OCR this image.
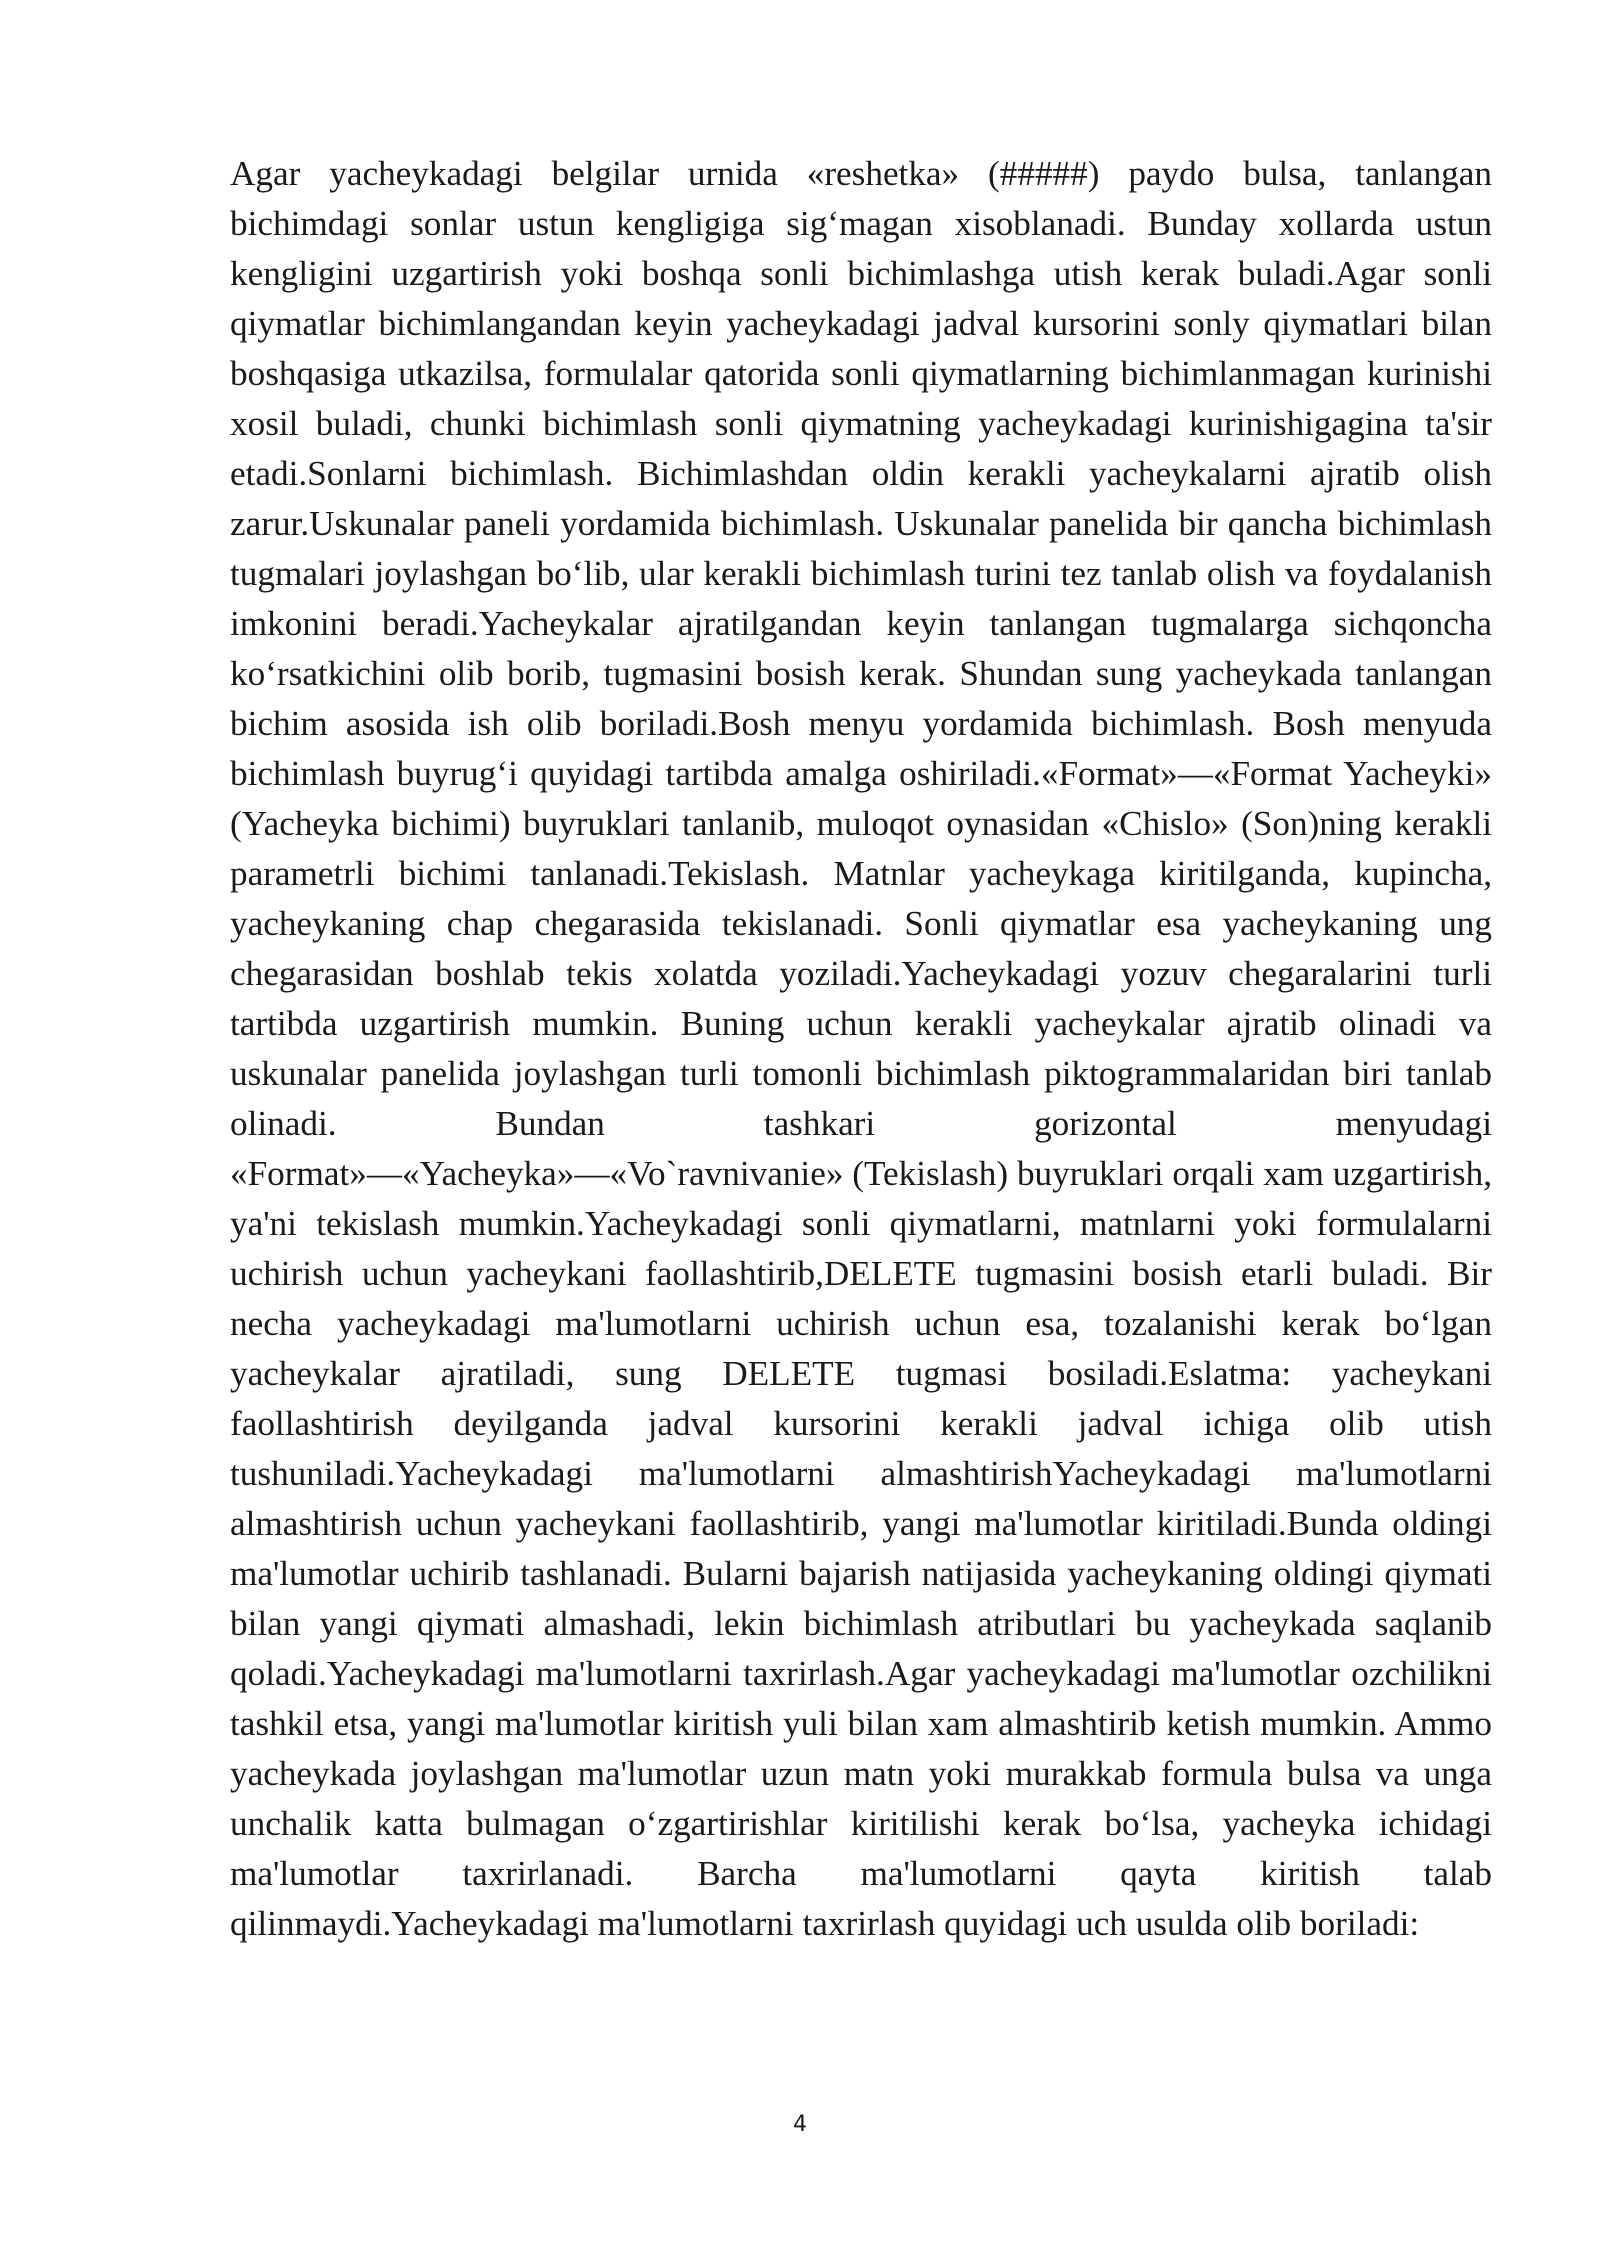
Agar yacheykadagi belgilar urnida «reshetka» (#####) paydo bulsa, tanlangan bichimdagi sonlar ustun kengligiga sigʻmagan xisoblanadi. Bunday xollarda ustun kengligini uzgartirish yoki boshqa sonli bichimlashga utish kerak buladi.Agar sonli qiymatlar bichimlangandan keyin yacheykadagi jadval kursorini sonly qiymatlari bilan boshqasiga utkazilsa, formulalar qatorida sonli qiymatlarning bichimlanmagan kurinishi xosil buladi, chunki bichimlash sonli qiymatning yacheykadagi kurinishigagina ta'sir etadi.Sonlarni bichimlash. Bichimlashdan oldin kerakli yacheykalarni ajratib olish zarur.Uskunalar paneli yordamida bichimlash. Uskunalar panelida bir qancha bichimlash tugmalari joylashgan boʻlib, ular kerakli bichimlash turini tez tanlab olish va foydalanish imkonini beradi.Yacheykalar ajratilgandan keyin tanlangan tugmalarga sichqoncha koʻrsatkichini olib borib, tugmasini bosish kerak. Shundan sung yacheykada tanlangan bichim asosida ish olib boriladi.Bosh menyu yordamida bichimlash. Bosh menyuda bichimlash buyrugʻi quyidagi tartibda amalga oshiriladi.«Format»—«Format Yacheyki» (Yacheyka bichimi) buyruklari tanlanib, muloqot oynasidan «Chislo» (Son)ning kerakli parametrli bichimi tanlanadi.Tekislash. Matnlar yacheykaga kiritilganda, kupincha, yacheykaning chap chegarasida tekislanadi. Sonli qiymatlar esa yacheykaning ung chegarasidan boshlab tekis xolatda yoziladi.Yacheykadagi yozuv chegaralarini turli tartibda uzgartirish mumkin. Buning uchun kerakli yacheykalar ajratib olinadi va uskunalar panelida joylashgan turli tomonli bichimlash piktogrammalaridan biri tanlab olinadi. Bundan tashkari gorizontal menyudagi «Format»—«Yacheyka»—«Vo`ravnivanie» (Tekislash) buyruklari orqali xam uzgartirish, ya'ni tekislash mumkin.Yacheykadagi sonli qiymatlarni, matnlarni yoki formulalarni uchirish uchun yacheykani faollashtirib,DELETE tugmasini bosish etarli buladi. Bir necha yacheykadagi ma'lumotlarni uchirish uchun esa, tozalanishi kerak boʻlgan yacheykalar ajratiladi, sung DELETE tugmasi bosiladi.Eslatma: yacheykani faollashtirish deyilganda jadval kursorini kerakli jadval ichiga olib utish tushuniladi.Yacheykadagi ma'lumotlarni almashtirishYacheykadagi ma'lumotlarni almashtirish uchun yacheykani faollashtirib, yangi ma'lumotlar kiritiladi.Bunda oldingi ma'lumotlar uchirib tashlanadi. Bularni bajarish natijasida yacheykaning oldingi qiymati bilan yangi qiymati almashadi, lekin bichimlash atributlari bu yacheykada saqlanib qoladi.Yacheykadagi ma'lumotlarni taxrirlash.Agar yacheykadagi ma'lumotlar ozchilikni tashkil etsa, yangi ma'lumotlar kiritish yuli bilan xam almashtirib ketish mumkin. Ammo yacheykada joylashgan ma'lumotlar uzun matn yoki murakkab formula bulsa va unga unchalik katta bulmagan oʻzgartirishlar kiritilishi kerak boʻlsa, yacheyka ichidagi ma'lumotlar taxrirlanadi. Barcha ma'lumotlarni qayta kiritish talab qilinmaydi.Yacheykadagi ma'lumotlarni taxrirlash quyidagi uch usulda olib boriladi:

4
